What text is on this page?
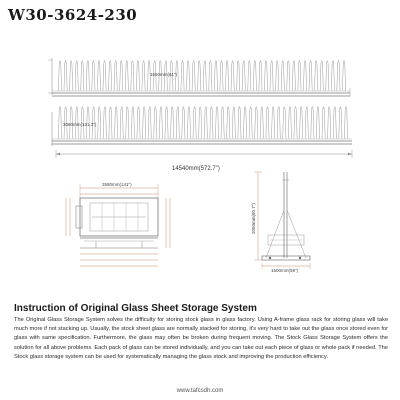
W30-3624-230
1550mm(61")
3080mm(121.3")
14540mm(572.7")
3580mm(141")
2050mm(80.7")
1500mm(59")
Instruction of Original Glass Sheet Storage System

The Original Glass Storage System solves the difficulty for storing stock glass in glass factory. Using A-frame glass rack for storing glass will take much more if not stacking up. Usually, the stock sheet glass are normally stacked for storing, it's very hard to take out the glass once stored even for glass with same specification. Furthermore, the glass may often be broken during frequent moving. The Stock Glass Storage System offers the solution for all above problems. Each pack of glass can be stored individually, and you can take out each piece of glass or whole pack if needed. The Stock glass storage system can be used for systematically managing the glass stock and improving the production efficiency.

www.tafcsdh.com
